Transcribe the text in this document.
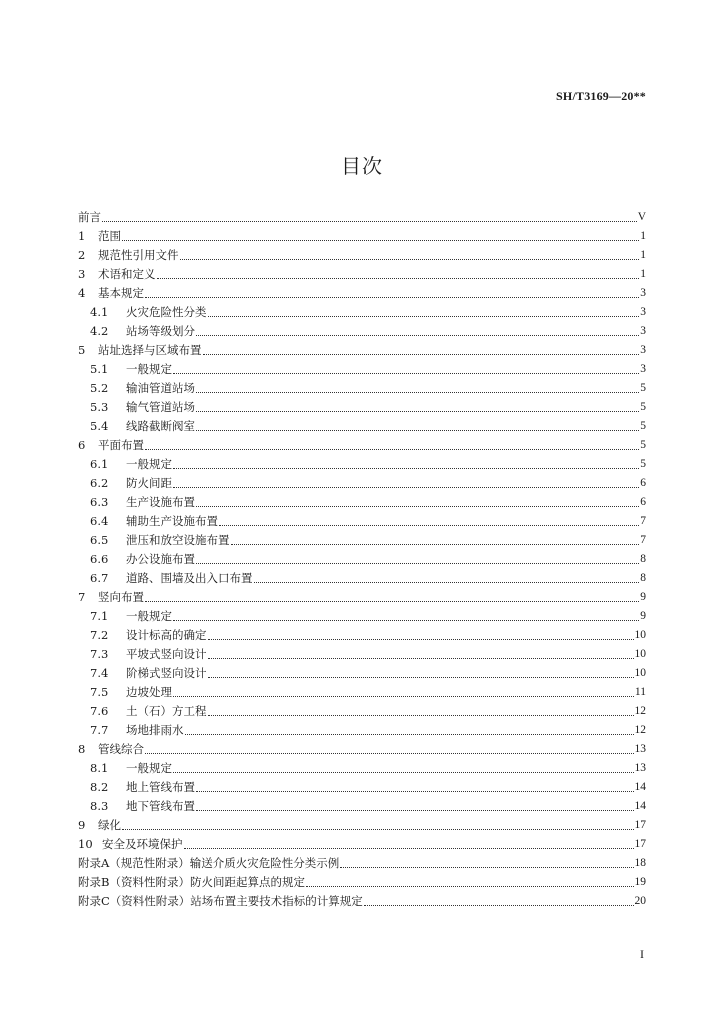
SH/T3169—20**
目次
前言	V
1	范围	1
2	规范性引用文件	1
3	术语和定义	1
4	基本规定	3
4.1	火灾危险性分类	3
4.2	站场等级划分	3
5	站址选择与区域布置	3
5.1	一般规定	3
5.2	输油管道站场	5
5.3	输气管道站场	5
5.4	线路截断阀室	5
6	平面布置	5
6.1	一般规定	5
6.2	防火间距	6
6.3	生产设施布置	6
6.4	辅助生产设施布置	7
6.5	泄压和放空设施布置	7
6.6	办公设施布置	8
6.7	道路、围墙及出入口布置	8
7	竖向布置	9
7.1	一般规定	9
7.2	设计标高的确定	10
7.3	平坡式竖向设计	10
7.4	阶梯式竖向设计	10
7.5	边坡处理	11
7.6	土（石）方工程	12
7.7	场地排雨水	12
8	管线综合	13
8.1	一般规定	13
8.2	地上管线布置	14
8.3	地下管线布置	14
9	绿化	17
10 安全及环境保护	17
附录A（规范性附录）输送介质火灾危险性分类示例	18
附录B（资料性附录）防火间距起算点的规定	19
附录C（资料性附录）站场布置主要技术指标的计算规定	20
I
